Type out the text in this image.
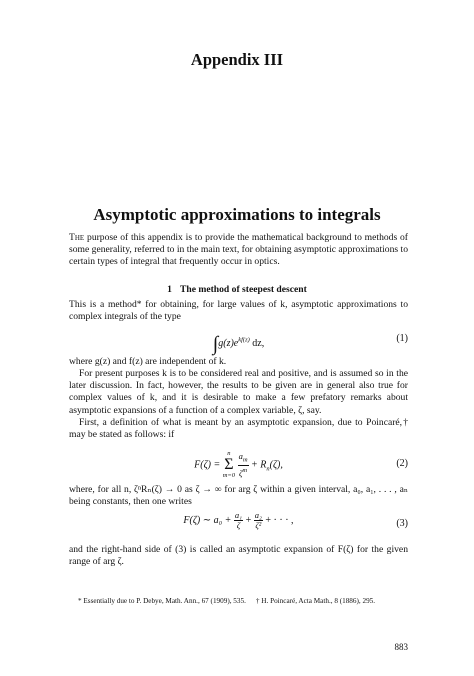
Appendix III
Asymptotic approximations to integrals

The purpose of this appendix is to provide the mathematical background to methods of some generality, referred to in the main text, for obtaining asymptotic approximations to certain types of integral that frequently occur in optics.

1 The method of steepest descent

This is a method* for obtaining, for large values of k, asymptotic approximations to complex integrals of the type

$\int g(z)e^{kf(z)}$ dz,	(1)

where g(z) and f(z) are independent of k.

For present purposes k is to be considered real and positive, and is assumed so in the later discussion. In fact, however, the results to be given are in general also true for complex values of k, and it is desirable to make a few prefatory remarks about asymptotic expansions of a function of a complex variable, ζ, say.

First, a definition of what is meant by an asymptotic expansion, due to Poincaré,† may be stated as follows: if

F(ζ) =
n
Σ
m=0
$\frac{a_m}{\zeta^m} + R_n(\zeta)$,	(2)

where, for all n, ζⁿRₙ(ζ) → 0 as ζ → ∞ for arg ζ within a given interval, a₀, a₁, . . . , aₙ being constants, then one writes

F(ζ) ∼ $a_0 + \frac{\text{a₁}}{\zeta} + \frac{\text{a₂}}{\text{ζ²}}$ + · · · ,	(3)

and the right-hand side of (3) is called an asymptotic expansion of F(ζ) for the given range of arg ζ.

* Essentially due to P. Debye, Math. Ann., 67 (1909), 535. † H. Poincaré, Acta Math., 8 (1886), 295.
883
